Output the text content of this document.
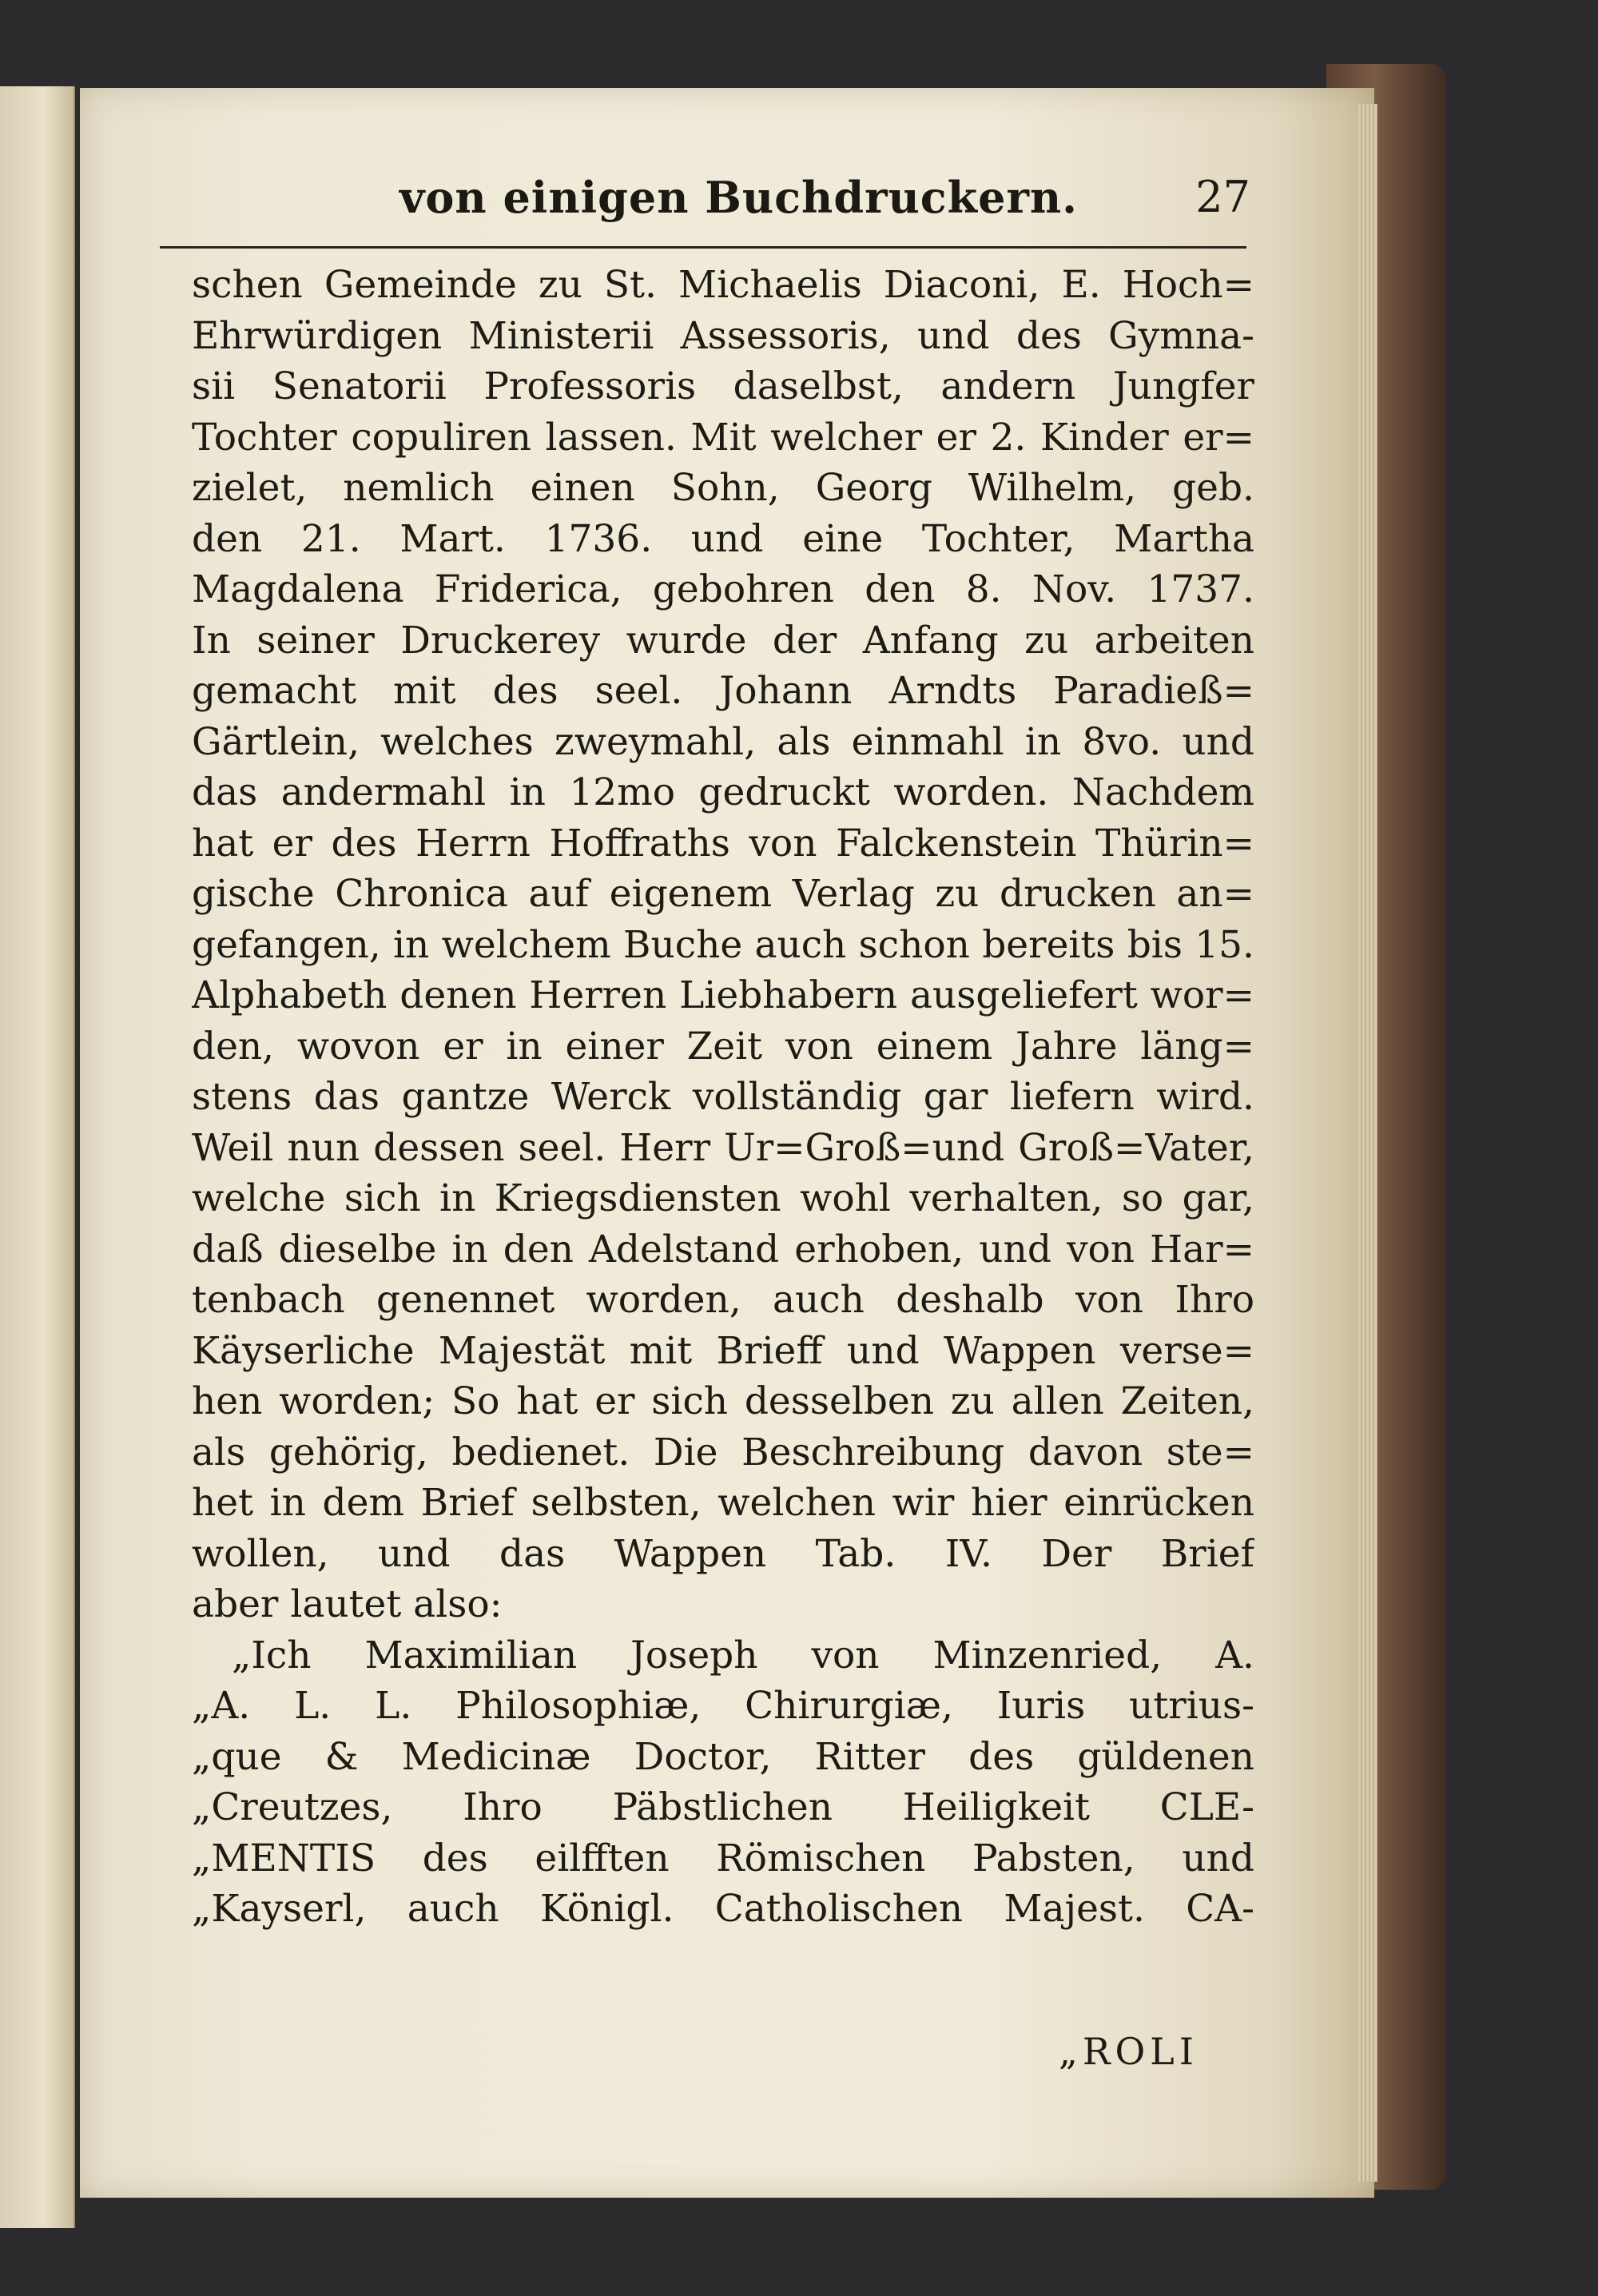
von einigen Buchdruckern.	27
schen Gemeinde zu St. Michaelis Diaconi, E. Hoch=
Ehrwürdigen Ministerii Assessoris, und des Gymna-
sii Senatorii Professoris daselbst, andern Jungfer
Tochter copuliren lassen. Mit welcher er 2. Kinder er=
zielet, nemlich einen Sohn, Georg Wilhelm, geb.
den 21. Mart. 1736. und eine Tochter, Martha
Magdalena Friderica, gebohren den 8. Nov. 1737.
In seiner Druckerey wurde der Anfang zu arbeiten
gemacht mit des seel. Johann Arndts Paradieß=
Gärtlein, welches zweymahl, als einmahl in 8vo. und
das andermahl in 12mo gedruckt worden. Nachdem
hat er des Herrn Hoffraths von Falckenstein Thürin=
gische Chronica auf eigenem Verlag zu drucken an=
gefangen, in welchem Buche auch schon bereits bis 15.
Alphabeth denen Herren Liebhabern ausgeliefert wor=
den, wovon er in einer Zeit von einem Jahre läng=
stens das gantze Werck vollständig gar liefern wird.
Weil nun dessen seel. Herr Ur=Groß=und Groß=Vater,
welche sich in Kriegsdiensten wohl verhalten, so gar,
daß dieselbe in den Adelstand erhoben, und von Har=
tenbach genennet worden, auch deshalb von Ihro
Käyserliche Majestät mit Brieff und Wappen verse=
hen worden; So hat er sich desselben zu allen Zeiten,
als gehörig, bedienet. Die Beschreibung davon ste=
het in dem Brief selbsten, welchen wir hier einrücken
wollen, und das Wappen Tab. IV. Der Brief
aber lautet also:
„Ich Maximilian Joseph von Minzenried, A.
„A. L. L. Philosophiæ, Chirurgiæ, Iuris utrius-
„que & Medicinæ Doctor, Ritter des güldenen
„Creutzes, Ihro Päbstlichen Heiligkeit CLE-
„MENTIS des eilfften Römischen Pabsten, und
„Kayserl, auch Königl. Catholischen Majest. CA-
„ROLI
